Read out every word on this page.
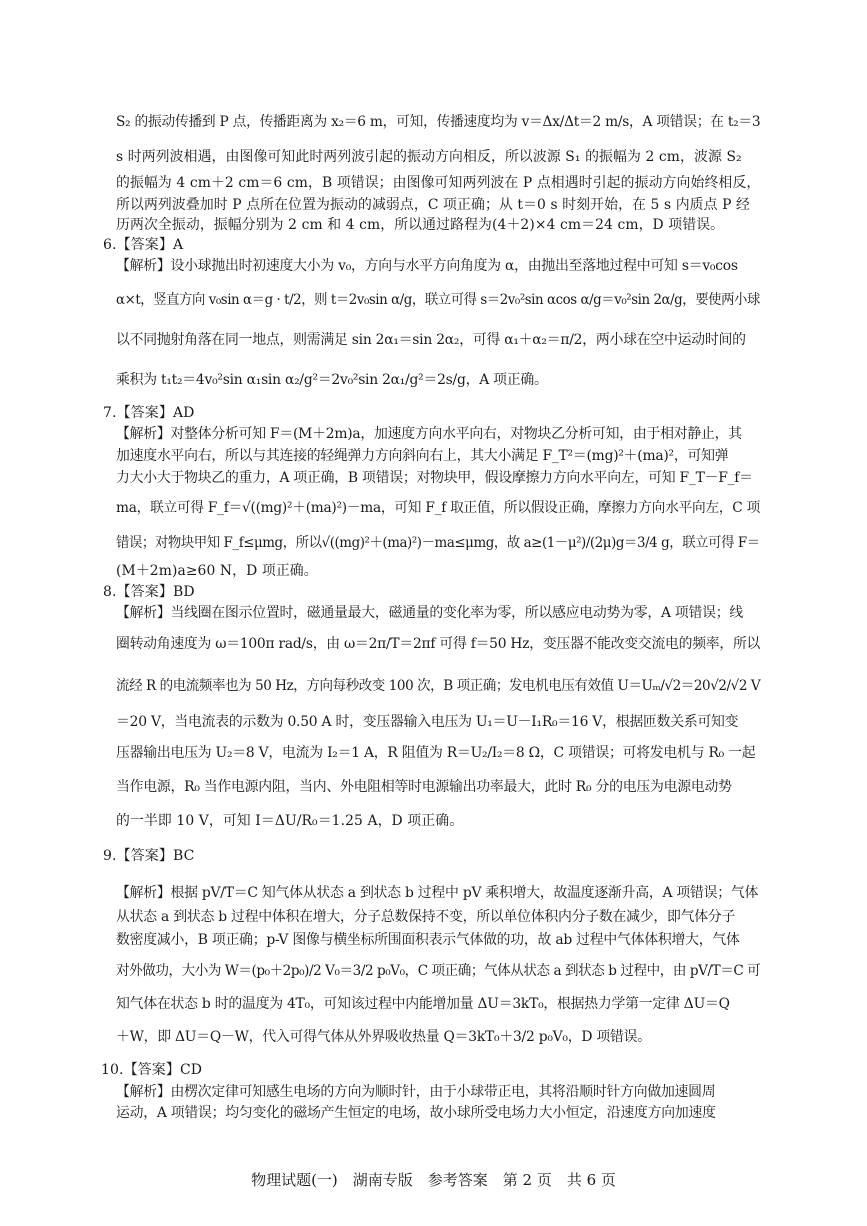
S₂ 的振动传播到 P 点，传播距离为 x₂＝6 m，可知，传播速度均为 v＝Δx/Δt＝2 m/s，A 项错误；在 t₂＝3
s 时两列波相遇，由图像可知此时两列波引起的振动方向相反，所以波源 S₁ 的振幅为 2 cm，波源 S₂
的振幅为 4 cm＋2 cm＝6 cm，B 项错误；由图像可知两列波在 P 点相遇时引起的振动方向始终相反，
所以两列波叠加时 P 点所在位置为振动的减弱点，C 项正确；从 t＝0 s 时刻开始，在 5 s 内质点 P 经
历两次全振动，振幅分别为 2 cm 和 4 cm，所以通过路程为(4＋2)×4 cm＝24 cm，D 项错误。
6.【答案】A
【解析】设小球抛出时初速度大小为 v₀，方向与水平方向角度为 α，由抛出至落地过程中可知 s＝v₀cos
α×t，竖直方向 v₀sin α＝g · t/2，则 t＝2v₀sin α/g，联立可得 s＝2v₀²sin αcos α/g＝v₀²sin 2α/g，要使两小球
以不同抛射角落在同一地点，则需满足 sin 2α₁＝sin 2α₂，可得 α₁＋α₂＝π/2，两小球在空中运动时间的
乘积为 t₁t₂＝4v₀²sin α₁sin α₂/g²＝2v₀²sin 2α₁/g²＝2s/g，A 项正确。
7.【答案】AD
【解析】对整体分析可知 F＝(M＋2m)a，加速度方向水平向右，对物块乙分析可知，由于相对静止，其
加速度水平向右，所以与其连接的轻绳弹力方向斜向右上，其大小满足 F_T²＝(mg)²＋(ma)²，可知弹
力大小大于物块乙的重力，A 项正确，B 项错误；对物块甲，假设摩擦力方向水平向左，可知 F_T－F_f＝
ma，联立可得 F_f＝√((mg)²＋(ma)²)－ma，可知 F_f 取正值，所以假设正确，摩擦力方向水平向左，C 项
错误；对物块甲知 F_f≤μmg，所以√((mg)²＋(ma)²)－ma≤μmg，故 a≥(1－μ²)/(2μ)g＝3/4 g，联立可得 F＝
(M＋2m)a≥60 N，D 项正确。
8.【答案】BD
【解析】当线圈在图示位置时，磁通量最大，磁通量的变化率为零，所以感应电动势为零，A 项错误；线
圈转动角速度为 ω＝100π rad/s，由 ω＝2π/T＝2πf 可得 f＝50 Hz，变压器不能改变交流电的频率，所以
流经 R 的电流频率也为 50 Hz，方向每秒改变 100 次，B 项正确；发电机电压有效值 U＝Uₘ/√2＝20√2/√2 V
＝20 V，当电流表的示数为 0.50 A 时，变压器输入电压为 U₁＝U－I₁R₀＝16 V，根据匝数关系可知变
压器输出电压为 U₂＝8 V，电流为 I₂＝1 A，R 阻值为 R＝U₂/I₂＝8 Ω，C 项错误；可将发电机与 R₀ 一起
当作电源，R₀ 当作电源内阻，当内、外电阻相等时电源输出功率最大，此时 R₀ 分的电压为电源电动势
的一半即 10 V，可知 I＝ΔU/R₀＝1.25 A，D 项正确。
9.【答案】BC
【解析】根据 pV/T＝C 知气体从状态 a 到状态 b 过程中 pV 乘积增大，故温度逐渐升高，A 项错误；气体
从状态 a 到状态 b 过程中体积在增大，分子总数保持不变，所以单位体积内分子数在减少，即气体分子
数密度减小，B 项正确；p-V 图像与横坐标所围面积表示气体做的功，故 ab 过程中气体体积增大，气体
对外做功，大小为 W＝(p₀＋2p₀)/2 V₀＝3/2 p₀V₀，C 项正确；气体从状态 a 到状态 b 过程中，由 pV/T＝C 可
知气体在状态 b 时的温度为 4T₀，可知该过程中内能增加量 ΔU＝3kT₀，根据热力学第一定律 ΔU＝Q
＋W，即 ΔU＝Q－W，代入可得气体从外界吸收热量 Q＝3kT₀＋3/2 p₀V₀，D 项错误。
10.【答案】CD
【解析】由楞次定律可知感生电场的方向为顺时针，由于小球带正电，其将沿顺时针方向做加速圆周
运动，A 项错误；均匀变化的磁场产生恒定的电场，故小球所受电场力大小恒定，沿速度方向加速度
物理试题(一)　湖南专版　参考答案　第 2 页　共 6 页
